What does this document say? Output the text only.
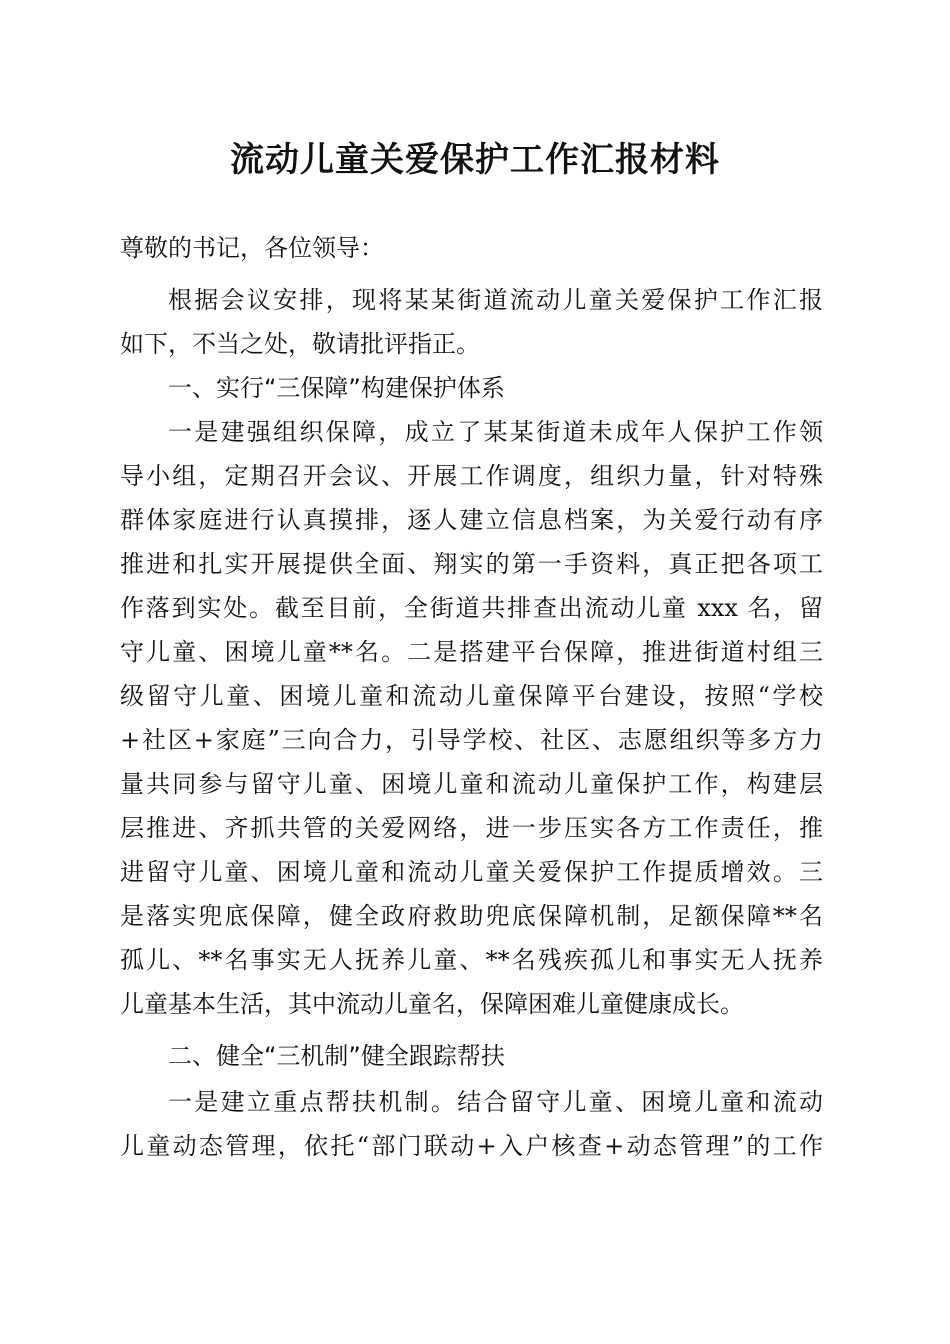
流动儿童关爱保护工作汇报材料
尊敬的书记，各位领导：
根据会议安排，现将某某街道流动儿童关爱保护工作汇报
如下，不当之处，敬请批评指正。
一、实行“三保障”构建保护体系
一是建强组织保障，成立了某某街道未成年人保护工作领
导小组，定期召开会议、开展工作调度，组织力量，针对特殊
群体家庭进行认真摸排，逐人建立信息档案，为关爱行动有序
推进和扎实开展提供全面、翔实的第一手资料，真正把各项工
作落到实处。截至目前，全街道共排查出流动儿童 xxx 名，留
守儿童、困境儿童**名。二是搭建平台保障，推进街道村组三
级留守儿童、困境儿童和流动儿童保障平台建设，按照“学校
+社区+家庭”三向合力，引导学校、社区、志愿组织等多方力
量共同参与留守儿童、困境儿童和流动儿童保护工作，构建层
层推进、齐抓共管的关爱网络，进一步压实各方工作责任，推
进留守儿童、困境儿童和流动儿童关爱保护工作提质增效。三
是落实兜底保障，健全政府救助兜底保障机制，足额保障**名
孤儿、**名事实无人抚养儿童、**名残疾孤儿和事实无人抚养
儿童基本生活，其中流动儿童名，保障困难儿童健康成长。
二、健全“三机制”健全跟踪帮扶
一是建立重点帮扶机制。结合留守儿童、困境儿童和流动
儿童动态管理，依托“部门联动+入户核查+动态管理”的工作
